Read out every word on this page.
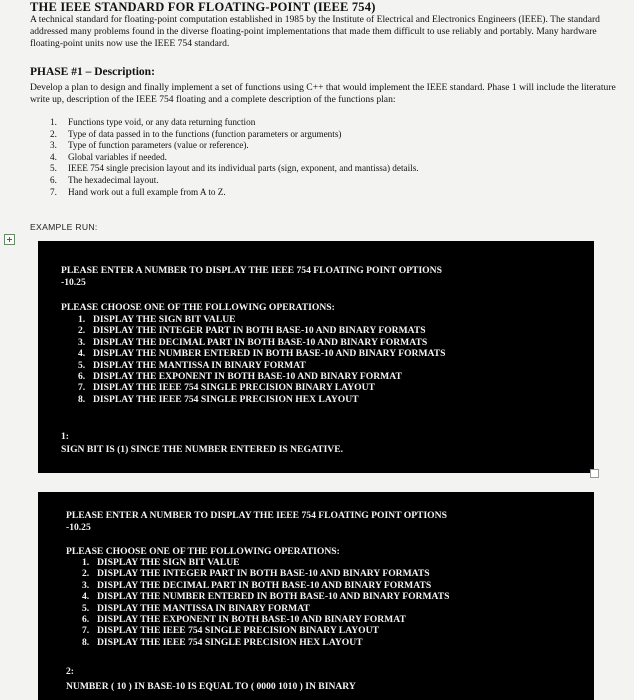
THE IEEE STANDARD FOR FLOATING-POINT (IEEE 754)

A technical standard for floating-point computation established in 1985 by the Institute of Electrical and Electronics Engineers (IEEE). The standard addressed many problems found in the diverse floating-point implementations that made them difficult to use reliably and portably. Many hardware floating-point units now use the IEEE 754 standard.

PHASE #1 – Description:

Develop a plan to design and finally implement a set of functions using C++ that would implement the IEEE standard. Phase 1 will include the literature write up, description of the IEEE 754 floating and a complete description of the functions plan:

1.	Functions type void, or any data returning function
2.	Type of data passed in to the functions (function parameters or arguments)
3.	Type of function parameters (value or reference).
4.	Global variables if needed.
5.	IEEE 754 single precision layout and its individual parts (sign, exponent, and mantissa) details.
6.	The hexadecimal layout.
7.	Hand work out a full example from A to Z.

EXAMPLE RUN:

PLEASE ENTER A NUMBER TO DISPLAY THE IEEE 754 FLOATING POINT OPTIONS

-10.25

PLEASE CHOOSE ONE OF THE FOLLOWING OPERATIONS:

1. DISPLAY THE SIGN BIT VALUE
2. DISPLAY THE INTEGER PART IN BOTH BASE-10 AND BINARY FORMATS
3. DISPLAY THE DECIMAL PART IN BOTH BASE-10 AND BINARY FORMATS
4. DISPLAY THE NUMBER ENTERED IN BOTH BASE-10 AND BINARY FORMATS
5. DISPLAY THE MANTISSA IN BINARY FORMAT
6. DISPLAY THE EXPONENT IN BOTH BASE-10 AND BINARY FORMAT
7. DISPLAY THE IEEE 754 SINGLE PRECISION BINARY LAYOUT
8. DISPLAY THE IEEE 754 SINGLE PRECISION HEX LAYOUT

1:

SIGN BIT IS (1) SINCE THE NUMBER ENTERED IS NEGATIVE.

PLEASE ENTER A NUMBER TO DISPLAY THE IEEE 754 FLOATING POINT OPTIONS

-10.25

PLEASE CHOOSE ONE OF THE FOLLOWING OPERATIONS:

1. DISPLAY THE SIGN BIT VALUE
2. DISPLAY THE INTEGER PART IN BOTH BASE-10 AND BINARY FORMATS
3. DISPLAY THE DECIMAL PART IN BOTH BASE-10 AND BINARY FORMATS
4. DISPLAY THE NUMBER ENTERED IN BOTH BASE-10 AND BINARY FORMATS
5. DISPLAY THE MANTISSA IN BINARY FORMAT
6. DISPLAY THE EXPONENT IN BOTH BASE-10 AND BINARY FORMAT
7. DISPLAY THE IEEE 754 SINGLE PRECISION BINARY LAYOUT
8. DISPLAY THE IEEE 754 SINGLE PRECISION HEX LAYOUT

2:

NUMBER ( 10 ) IN BASE-10 IS EQUAL TO ( 0000 1010 ) IN BINARY
